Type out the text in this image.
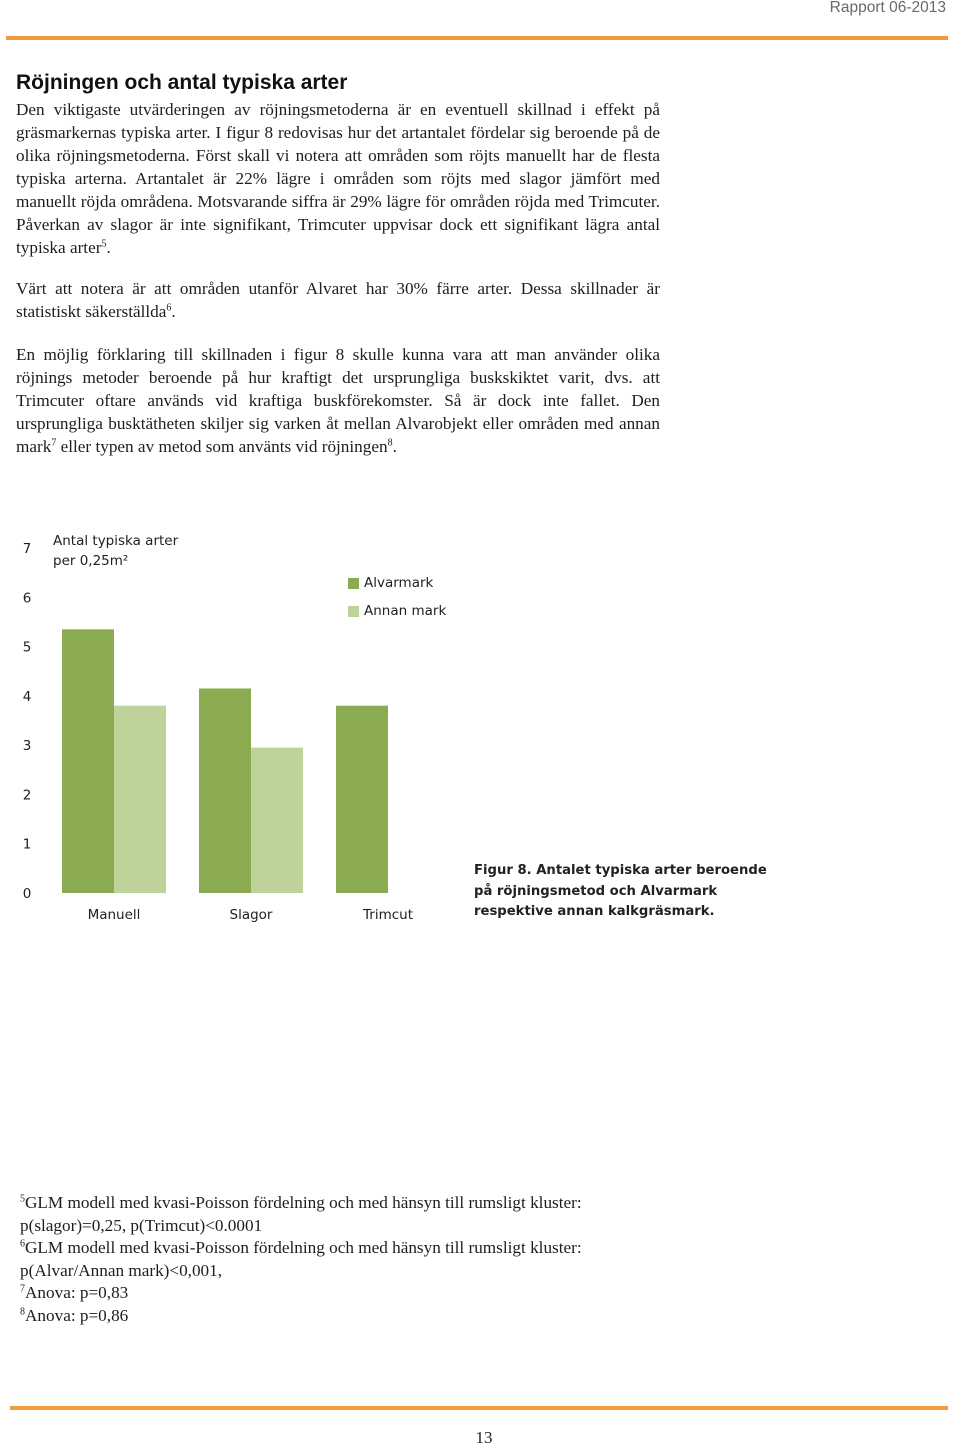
Rapport 06-2013
Röjningen och antal typiska arter

Den viktigaste utvärderingen av röjningsmetoderna är en eventuell skillnad i effekt på gräsmarkernas typiska arter. I figur 8 redovisas hur det artantalet fördelar sig beroende på de olika röjningsmetoderna. Först skall vi notera att områden som röjts manuellt har de flesta typiska arterna. Artantalet är 22% lägre i områden som röjts med slagor jämfört med manuellt röjda områdena. Motsvarande siffra är 29% lägre för områden röjda med Trimcuter. Påverkan av slagor är inte signifikant, Trimcuter uppvisar dock ett signifikant lägra antal typiska arter$^5$.

Värt att notera är att områden utanför Alvaret har 30% färre arter. Dessa skillnader är statistiskt säkerställda$^6$.

En möjlig förklaring till skillnaden i figur 8 skulle kunna vara att man använder olika röjnings metoder beroende på hur kraftigt det ursprungliga buskskiktet varit, dvs. att Trimcuter oftare används vid kraftiga buskförekomster. Så är dock inte fallet. Den ursprungliga busktätheten skiljer sig varken åt mellan Alvarobjekt eller områden med annan mark$^7$ eller typen av metod som använts vid röjningen$^8$.

0
1
2
3
4
5
6
7
Manuell	Slagor	Trimcut
Antal typiska arter
per 0,25m²
Alvarmark
Annan mark

Figur 8. Antalet typiska arter beroende på röjningsmetod och Alvarmark respektive annan kalkgräsmark.

$^5$GLM modell med kvasi-Poisson fördelning och med hänsyn till rumsligt kluster: p(slagor)=0,25, p(Trimcut)<0.0001

$^6$GLM modell med kvasi-Poisson fördelning och med hänsyn till rumsligt kluster: p(Alvar/Annan mark)<0,001,

$^7$Anova: p=0,83

$^8$Anova: p=0,86

13
